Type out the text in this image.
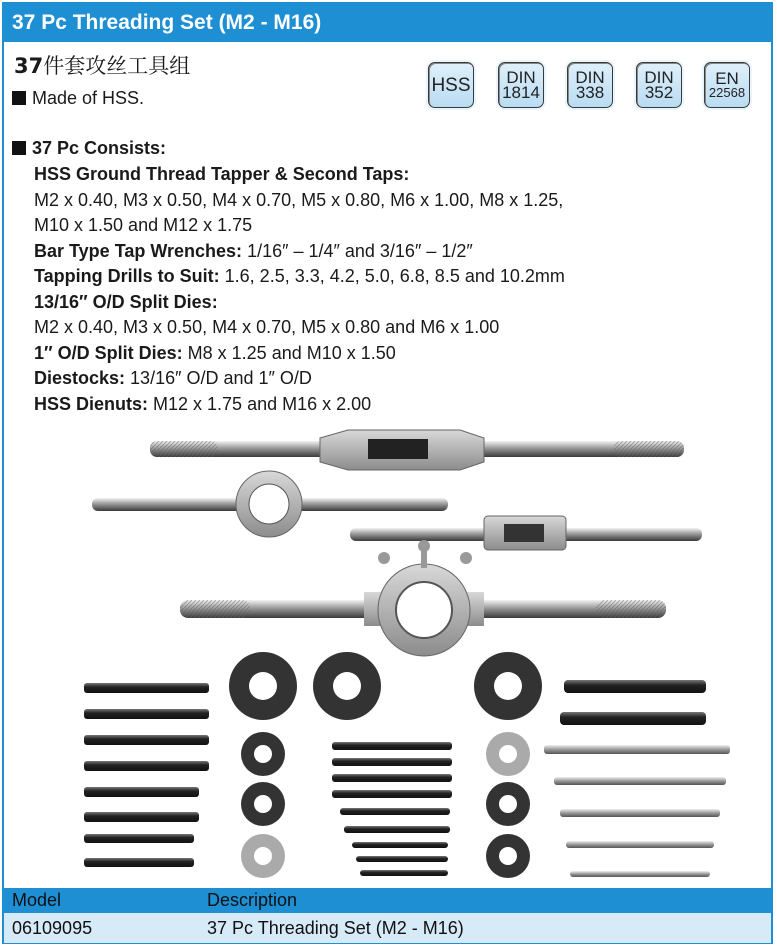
37 Pc Threading Set (M2 - M16)
37件套攻丝工具组
Made of HSS.
HSS DIN
1814
DIN
338
DIN
352
EN
22568
37 Pc Consists:
HSS Ground Thread Tapper & Second Taps:
M2 x 0.40, M3 x 0.50, M4 x 0.70, M5 x 0.80, M6 x 1.00, M8 x 1.25,
M10 x 1.50 and M12 x 1.75
Bar Type Tap Wrenches: 1/16″ – 1/4″ and 3/16″ – 1/2″
Tapping Drills to Suit: 1.6, 2.5, 3.3, 4.2, 5.0, 6.8, 8.5 and 10.2mm
13/16″ O/D Split Dies:
M2 x 0.40, M3 x 0.50, M4 x 0.70, M5 x 0.80 and M6 x 1.00
1″ O/D Split Dies: M8 x 1.25 and M10 x 1.50
Diestocks: 13/16″ O/D and 1″ O/D
HSS Dienuts: M12 x 1.75 and M16 x 2.00
Model	Description
06109095	37 Pc Threading Set (M2 - M16)
